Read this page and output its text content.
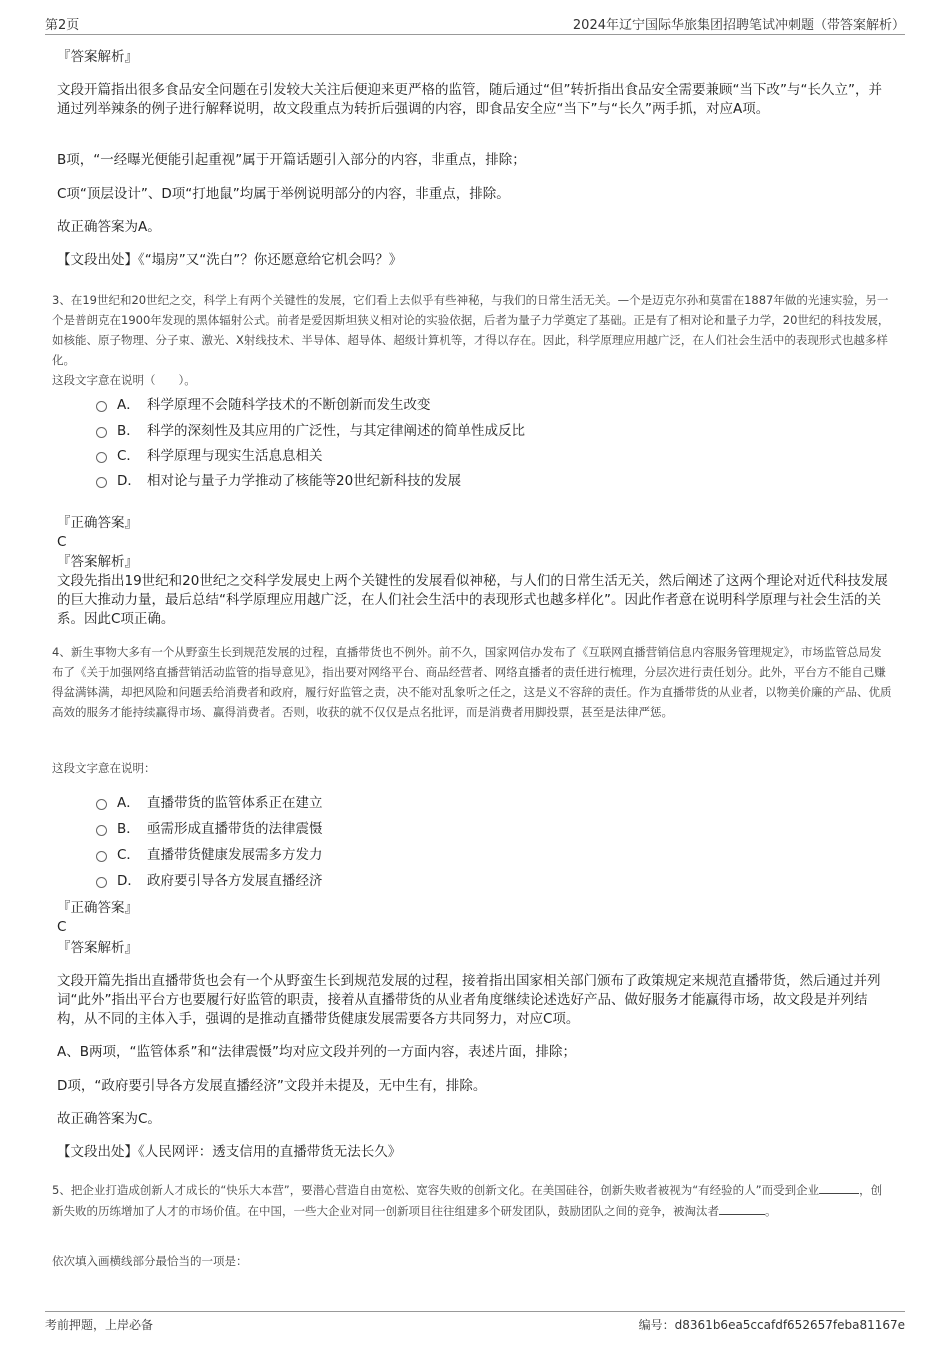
第2页	2024年辽宁国际华旅集团招聘笔试冲刺题（带答案解析）
『答案解析』
文段开篇指出很多食品安全问题在引发较大关注后便迎来更严格的监管，随后通过“但”转折指出食品安全需要兼顾“当下改”与“长久立”，并通过列举辣条的例子进行解释说明，故文段重点为转折后强调的内容，即食品安全应“当下”与“长久”两手抓，对应A项。
B项，“一经曝光便能引起重视”属于开篇话题引入部分的内容，非重点，排除；
C项“顶层设计”、D项“打地鼠”均属于举例说明部分的内容，非重点，排除。
故正确答案为A。
【文段出处】《“塌房”又“洗白”？你还愿意给它机会吗？》
3、在19世纪和20世纪之交，科学上有两个关键性的发展，它们看上去似乎有些神秘，与我们的日常生活无关。—个是迈克尔孙和莫雷在1887年做的光速实验，另一个是普朗克在1900年发现的黑体辐射公式。前者是爱因斯坦狭义相对论的实验依据，后者为量子力学奠定了基础。正是有了相对论和量子力学，20世纪的科技发展，如核能、原子物理、分子束、激光、X射线技术、半导体、超导体、超级计算机等，才得以存在。因此，科学原理应用越广泛，在人们社会生活中的表现形式也越多样化。
这段文字意在说明（　　）。
A． 科学原理不会随科学技术的不断创新而发生改变
B． 科学的深刻性及其应用的广泛性，与其定律阐述的简单性成反比
C． 科学原理与现实生活息息相关
D． 相对论与量子力学推动了核能等20世纪新科技的发展
『正确答案』
C
『答案解析』
文段先指出19世纪和20世纪之交科学发展史上两个关键性的发展看似神秘，与人们的日常生活无关，然后阐述了这两个理论对近代科技发展的巨大推动力量，最后总结“科学原理应用越广泛，在人们社会生活中的表现形式也越多样化”。因此作者意在说明科学原理与社会生活的关系。因此C项正确。
4、新生事物大多有一个从野蛮生长到规范发展的过程，直播带货也不例外。前不久，国家网信办发布了《互联网直播营销信息内容服务管理规定》，市场监管总局发布了《关于加强网络直播营销活动监管的指导意见》，指出要对网络平台、商品经营者、网络直播者的责任进行梳理，分层次进行责任划分。此外，平台方不能自己赚得盆满钵满，却把风险和问题丢给消费者和政府，履行好监管之责，决不能对乱象听之任之，这是义不容辞的责任。作为直播带货的从业者，以物美价廉的产品、优质高效的服务才能持续赢得市场、赢得消费者。否则，收获的就不仅仅是点名批评，而是消费者用脚投票，甚至是法律严惩。
这段文字意在说明：
A． 直播带货的监管体系正在建立
B． 亟需形成直播带货的法律震慑
C． 直播带货健康发展需多方发力
D． 政府要引导各方发展直播经济
『正确答案』
C
『答案解析』
文段开篇先指出直播带货也会有一个从野蛮生长到规范发展的过程，接着指出国家相关部门颁布了政策规定来规范直播带货，然后通过并列词“此外”指出平台方也要履行好监管的职责，接着从直播带货的从业者角度继续论述选好产品、做好服务才能赢得市场，故文段是并列结构，从不同的主体入手，强调的是推动直播带货健康发展需要各方共同努力，对应C项。
A、B两项，“监管体系”和“法律震慑”均对应文段并列的一方面内容，表述片面，排除；
D项，“政府要引导各方发展直播经济”文段并未提及，无中生有，排除。
故正确答案为C。
【文段出处】《人民网评：透支信用的直播带货无法长久》
5、把企业打造成创新人才成长的“快乐大本营”，要潜心营造自由宽松、宽容失败的创新文化。在美国硅谷，创新失败者被视为“有经验的人”而受到企业	，创新失败的历练增加了人才的市场价值。在中国，一些大企业对同一创新项目往往组建多个研发团队，鼓励团队之间的竞争，被淘汰者	。
依次填入画横线部分最恰当的一项是：
考前押题，上岸必备	编号：d8361b6ea5ccafdf652657feba81167e
